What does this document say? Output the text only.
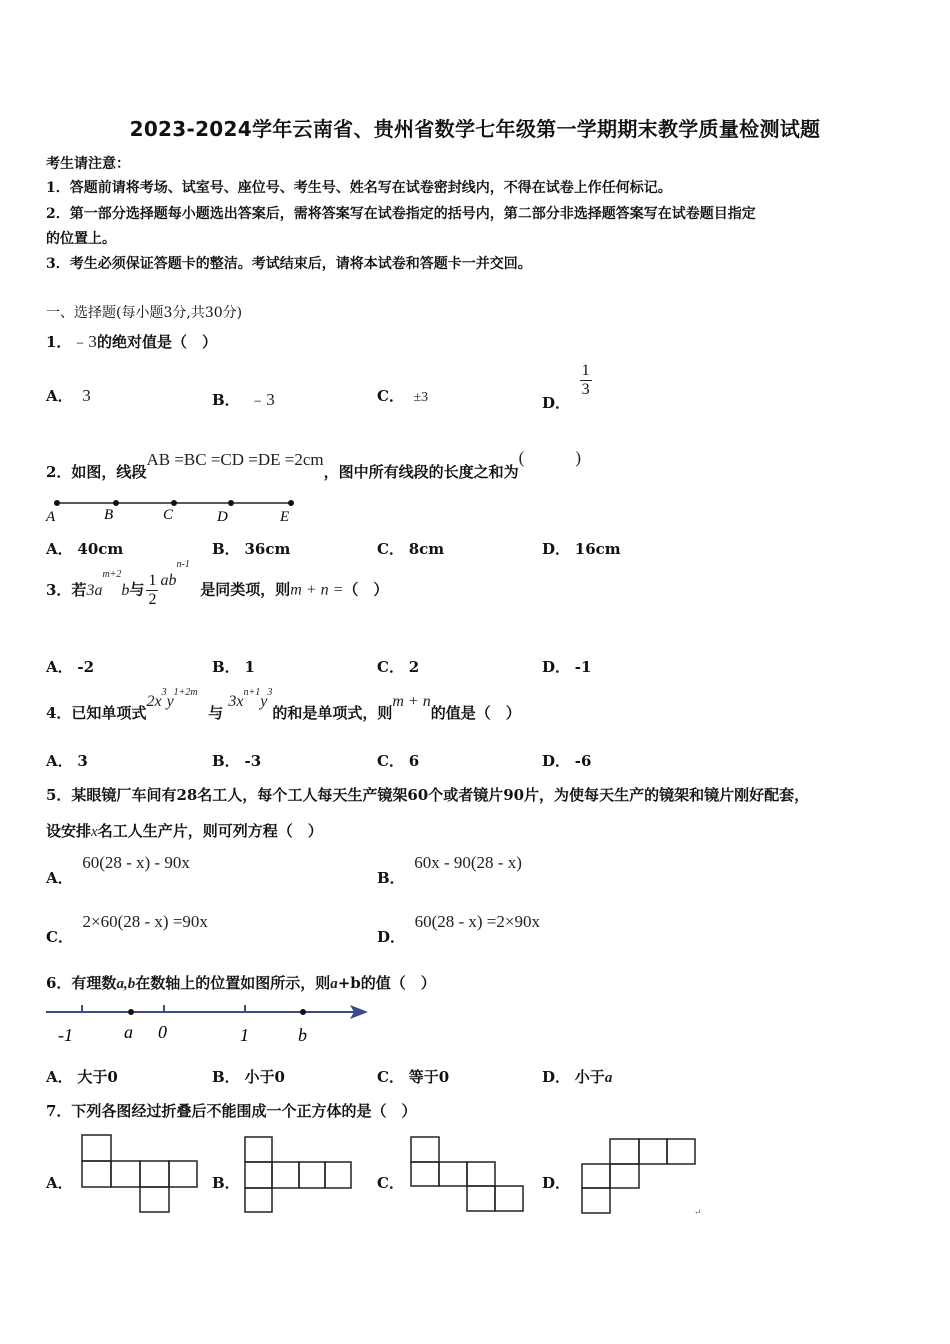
2023-2024学年云南省、贵州省数学七年级第一学期期末教学质量检测试题
考生请注意：
1．答题前请将考场、试室号、座位号、考生号、姓名写在试卷密封线内，不得在试卷上作任何标记。
2．第一部分选择题每小题选出答案后，需将答案写在试卷指定的括号内，第二部分非选择题答案写在试卷题目指定
的位置上。
3．考生必须保证答题卡的整洁。考试结束后，请将本试卷和答题卡一并交回。
一、选择题(每小题3分,共30分)
1．﹣3的绝对值是（　）
A． 3	B． ﹣3	C． ±3	D．
$\frac{1}{3}$
2．如图，线段AB =BC =CD =DE =2cm，图中所有线段的长度之和为(　　　)
A	B	C	D	E
A． 40cm	B． 36cm	C． 8cm	D． 16cm
3．若$3a^{m+2}b$与 $\frac{1}{2} ab^{n-1}$  是同类项，则m + n =（　）
A． -2	B． 1	C． 2	D． -1
4．已知单项式$2x^3y^{1+2m}$  与 $3x^{n+1}y^3$的和是单项式，则m + n的值是（　）
A． 3	B． -3	C． 6	D． -6
5．某眼镜厂车间有28名工人，每个工人每天生产镜架60个或者镜片90片，为使每天生产的镜架和镜片刚好配套，
设安排x名工人生产片，则可列方程（　）
A．  60(28 - x) - 90x
B．  60x - 90(28 - x)
C．  2×60(28 - x) =90x
D．  60(28 - x) =2×90x
6．有理数a,b在数轴上的位置如图所示，则a+b的值（　）
-1	a 0	1	b
A． 大于0	B． 小于0	C． 等于0	D． 小于a
7．下列各图经过折叠后不能围成一个正方体的是（　）
A．	B．	C．	D．
↵
